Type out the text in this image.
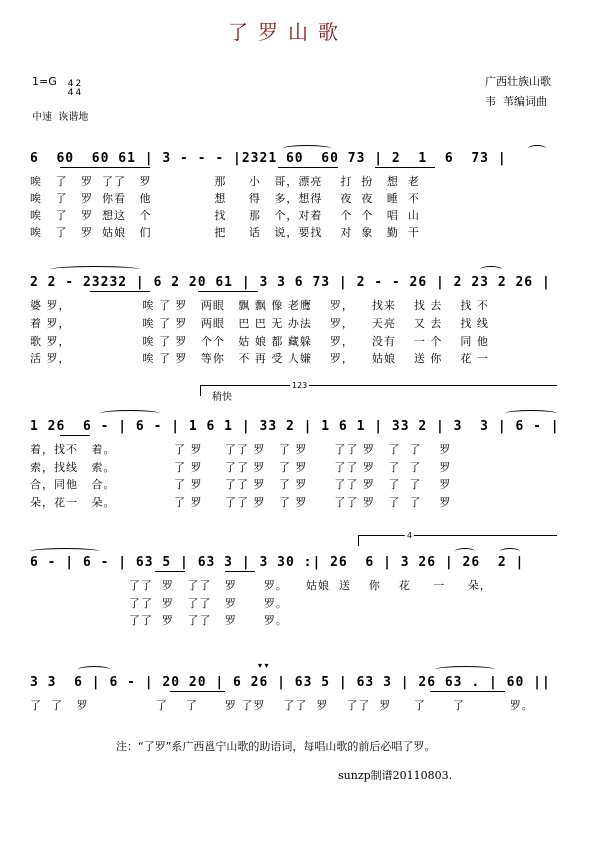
了罗山歌
1=G

4
4
2
4

广西壮族山歌
韦  苇编词曲
中速  诙谐地
6  60  60 61 | 3 - - - |2321 60  60 73 | 2  1  6  73 |
唉   了   罗  了了   罗              那     小   哥，漂亮    打  扮   想  老
唉   了   罗  你看   他              想     得   多，想得    夜  夜   睡  不
唉   了   罗  想这   个              找     那   个，对着    个  个   唱  山
唉   了   罗  姑娘   们              把     话   说，要找    对  象   勤  干
2 2 - 23232 | 6 2 20 61 | 3 3 6 73 | 2 - - 26 | 2 23 2 26 |
婆 罗，                唉 了 罗   两眼   飘 飘 像 老鹰    罗，    找来    找 去    找 不
着 罗，                唉 了 罗   两眼   巴 巴 无 办法    罗，    天亮    又 去    找 线
歌 罗，                唉 了 罗   个个   姑 娘 都 藏躲    罗，    没有    一 个    同 他
活 罗，                唉 了 罗   等你   不 再 受 人嫌    罗，    姑娘    送 你    花 一
123
稍快
1 26  6 - | 6 - | 1 6 1 | 33 2 | 1 6 1 | 33 2 | 3  3 | 6 - |
着，找不   着。             了 罗     了了 罗   了 罗      了了 罗   了  了    罗
索，找线   索。             了 罗     了了 罗   了 罗      了了 罗   了  了    罗
合，同他   合。             了 罗     了了 罗   了 罗      了了 罗   了  了    罗
朵，花一   朵。             了 罗     了了 罗   了 罗      了了 罗   了  了    罗
4
6 - | 6 - | 63 5 | 63 3 | 3 30 :| 26  6 | 3 26 | 26  2 |
了了  罗   了了   罗      罗。    姑娘  送    你    花     一     朵，
了了  罗   了了   罗      罗。
了了  罗   了了   罗      罗。
▾ ▾
3 3  6 | 6 - | 20 20 | 6 26 | 63 5 | 63 3 | 26 63 . | 60 ||
了  了   罗               了    了      罗 了罗    了了  罗    了了  罗     了      了          罗。
注：“了罗”系广西邕宁山歌的助语词，每唱山歌的前后必唱了罗。
sunzp制谱20110803.
